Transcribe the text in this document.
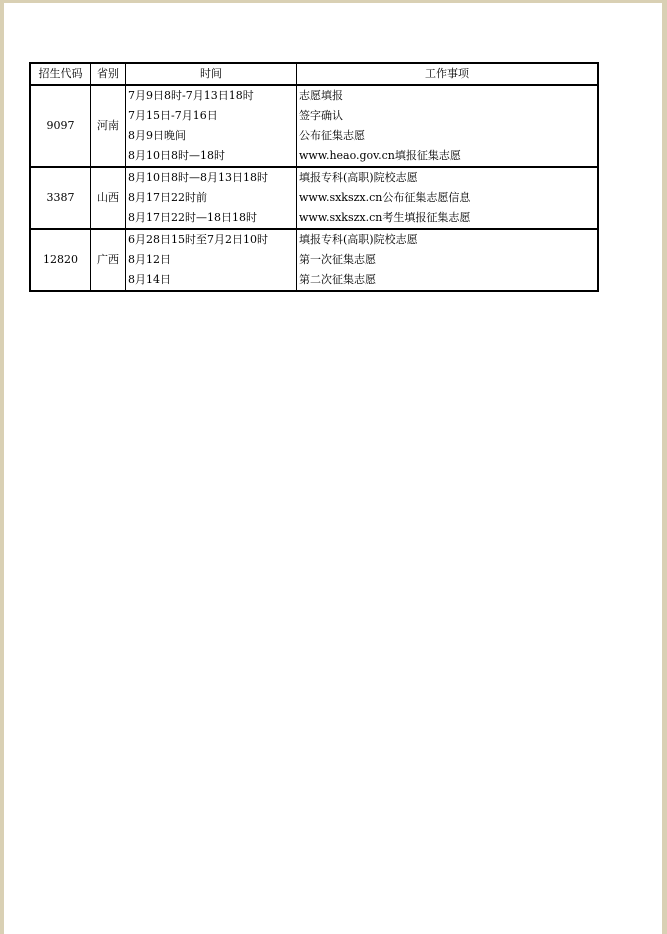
招生代码	省别	时间	工作事项
9097	河南	7月9日8时-7月13日18时	志愿填报
		7月15日-7月16日	签字确认
		8月9日晚间	公布征集志愿
		8月10日8时—18时	www.heao.gov.cn填报征集志愿
3387	山西	8月10日8时—8月13日18时	填报专科(高职)院校志愿
		8月17日22时前	www.sxkszx.cn公布征集志愿信息
		8月17日22时—18日18时	www.sxkszx.cn考生填报征集志愿
12820	广西	6月28日15时至7月2日10时	填报专科(高职)院校志愿
		8月12日	第一次征集志愿
		8月14日	第二次征集志愿
